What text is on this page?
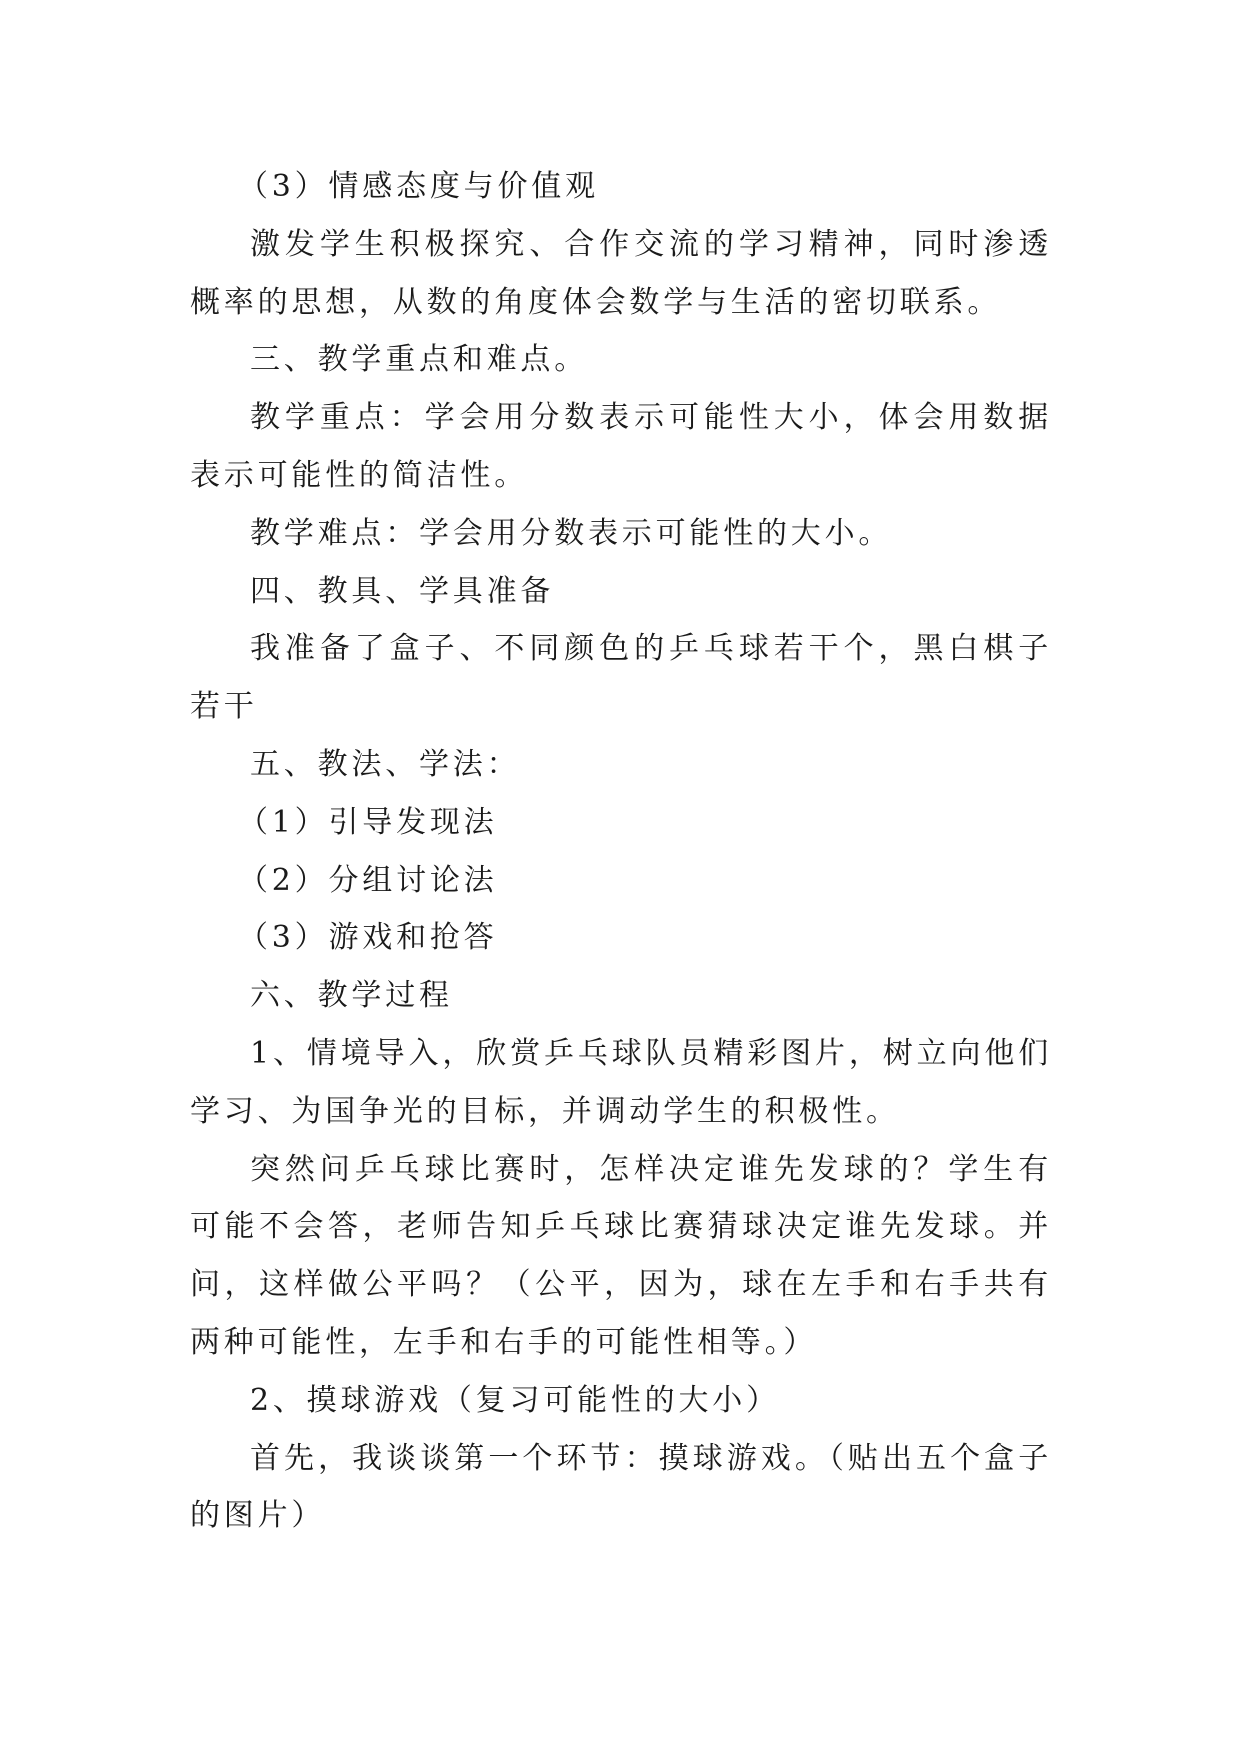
（3）情感态度与价值观

激发学生积极探究、合作交流的学习精神，同时渗透概率的思想，从数的角度体会数学与生活的密切联系。

三、教学重点和难点。

教学重点：学会用分数表示可能性大小，体会用数据表示可能性的简洁性。

教学难点：学会用分数表示可能性的大小。

四、教具、学具准备

我准备了盒子、不同颜色的乒乓球若干个，黑白棋子若干

五、教法、学法：

（1）引导发现法

（2）分组讨论法

（3）游戏和抢答

六、教学过程

1、情境导入，欣赏乒乓球队员精彩图片，树立向他们学习、为国争光的目标，并调动学生的积极性。

突然问乒乓球比赛时，怎样决定谁先发球的？学生有可能不会答，老师告知乒乓球比赛猜球决定谁先发球。并问，这样做公平吗？（公平，因为，球在左手和右手共有两种可能性，左手和右手的可能性相等。）

2、摸球游戏（复习可能性的大小）

首先，我谈谈第一个环节：摸球游戏。（贴出五个盒子的图片）
